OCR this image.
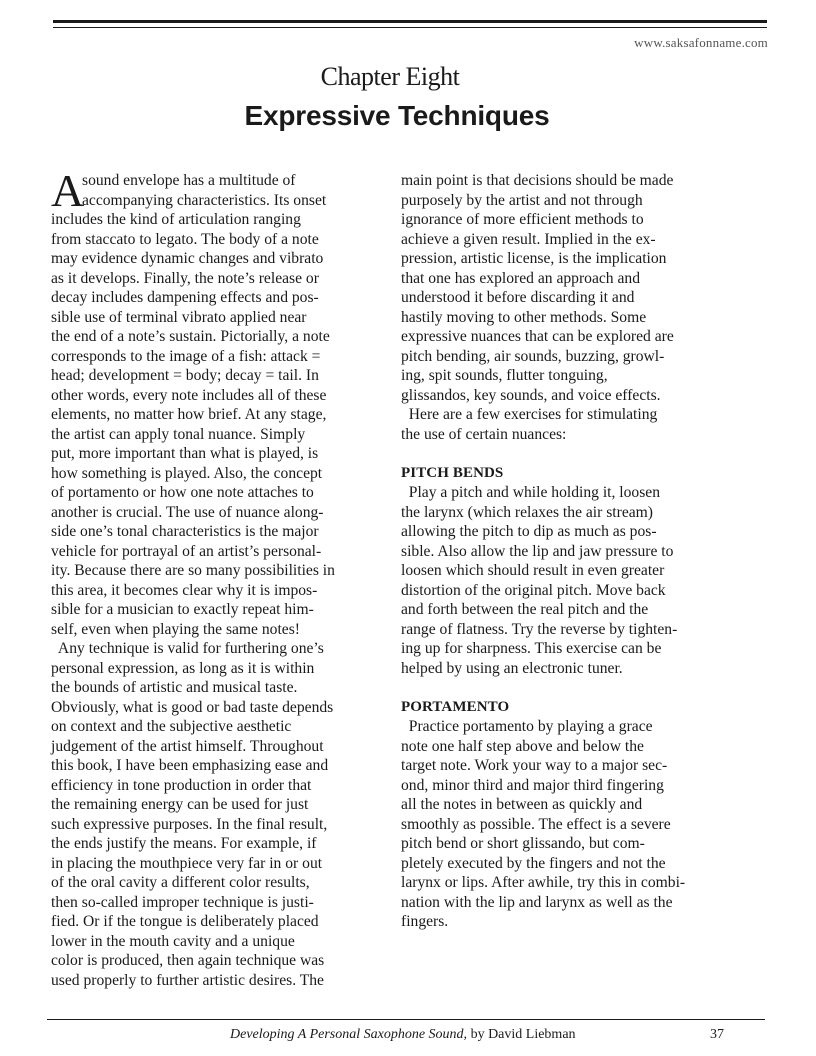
www.saksafonname.com
Chapter Eight
Expressive Techniques
A
sound envelope has a multitude of
accompanying characteristics. Its onset
includes the kind of articulation ranging
from staccato to legato. The body of a note
may evidence dynamic changes and vibrato
as it develops. Finally, the note’s release or
decay includes dampening effects and pos-
sible use of terminal vibrato applied near
the end of a note’s sustain. Pictorially, a note
corresponds to the image of a fish: attack =
head; development = body; decay = tail. In
other words, every note includes all of these
elements, no matter how brief. At any stage,
the artist can apply tonal nuance. Simply
put, more important than what is played, is
how something is played. Also, the concept
of portamento or how one note attaches to
another is crucial. The use of nuance along-
side one’s tonal characteristics is the major
vehicle for portrayal of an artist’s personal-
ity. Because there are so many possibilities in
this area, it becomes clear why it is impos-
sible for a musician to exactly repeat him-
self, even when playing the same notes!
Any technique is valid for furthering one’s
personal expression, as long as it is within
the bounds of artistic and musical taste.
Obviously, what is good or bad taste depends
on context and the subjective aesthetic
judgement of the artist himself. Throughout
this book, I have been emphasizing ease and
efficiency in tone production in order that
the remaining energy can be used for just
such expressive purposes. In the final result,
the ends justify the means. For example, if
in placing the mouthpiece very far in or out
of the oral cavity a different color results,
then so-called improper technique is justi-
fied. Or if the tongue is deliberately placed
lower in the mouth cavity and a unique
color is produced, then again technique was
used properly to further artistic desires. The
main point is that decisions should be made
purposely by the artist and not through
ignorance of more efficient methods to
achieve a given result. Implied in the ex-
pression, artistic license, is the implication
that one has explored an approach and
understood it before discarding it and
hastily moving to other methods. Some
expressive nuances that can be explored are
pitch bending, air sounds, buzzing, growl-
ing, spit sounds, flutter tonguing,
glissandos, key sounds, and voice effects.
Here are a few exercises for stimulating
the use of certain nuances:
PITCH BENDS
Play a pitch and while holding it, loosen
the larynx (which relaxes the air stream)
allowing the pitch to dip as much as pos-
sible. Also allow the lip and jaw pressure to
loosen which should result in even greater
distortion of the original pitch. Move back
and forth between the real pitch and the
range of flatness. Try the reverse by tighten-
ing up for sharpness. This exercise can be
helped by using an electronic tuner.
PORTAMENTO
Practice portamento by playing a grace
note one half step above and below the
target note. Work your way to a major sec-
ond, minor third and major third fingering
all the notes in between as quickly and
smoothly as possible. The effect is a severe
pitch bend or short glissando, but com-
pletely executed by the fingers and not the
larynx or lips. After awhile, try this in combi-
nation with the lip and larynx as well as the
fingers.
Developing A Personal Saxophone Sound, by David Liebman	37
